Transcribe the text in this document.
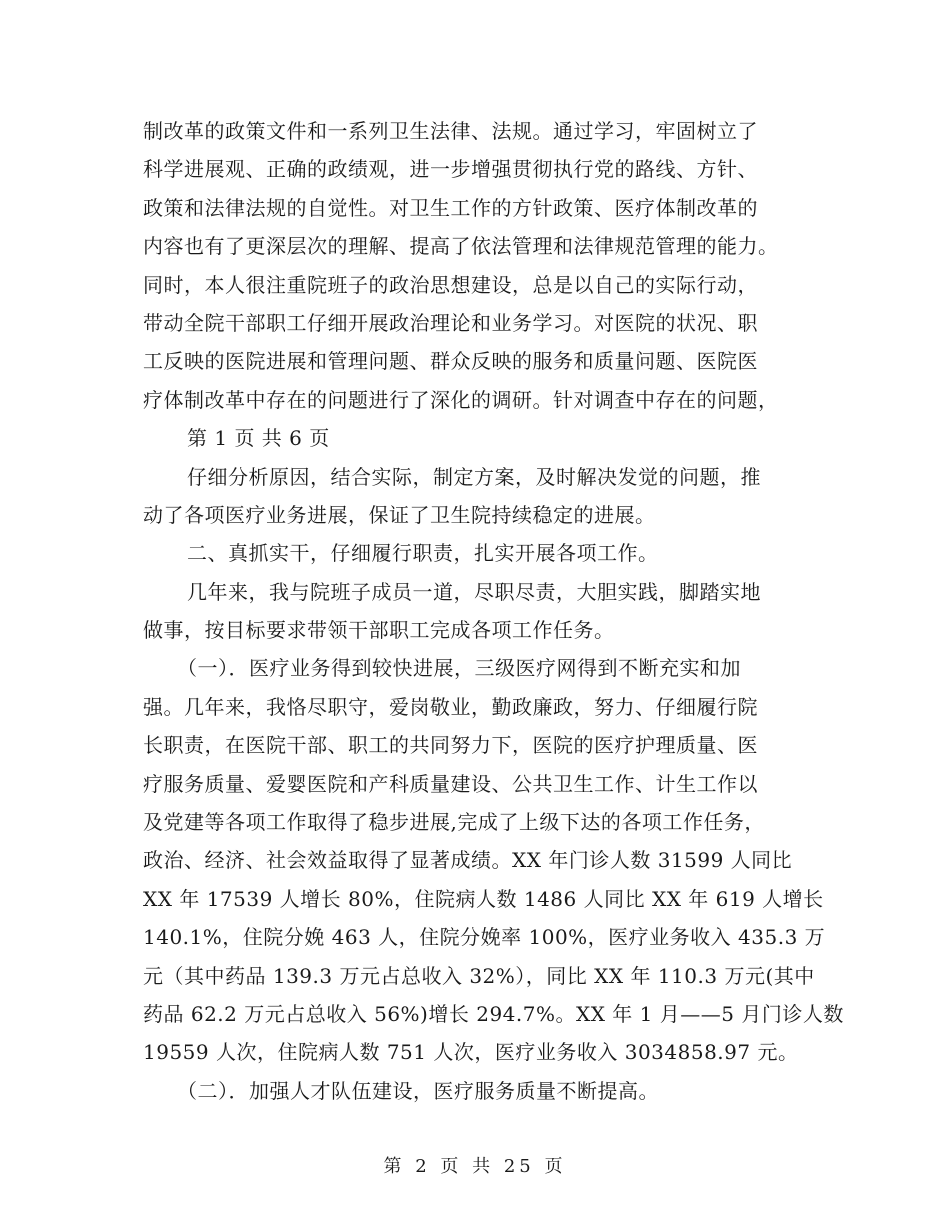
制改革的政策文件和一系列卫生法律、法规。通过学习，牢固树立了
科学进展观、正确的政绩观，进一步增强贯彻执行党的路线、方针、
政策和法律法规的自觉性。对卫生工作的方针政策、医疗体制改革的
内容也有了更深层次的理解、提高了依法管理和法律规范管理的能力。
同时，本人很注重院班子的政治思想建设，总是以自己的实际行动，
带动全院干部职工仔细开展政治理论和业务学习。对医院的状况、职
工反映的医院进展和管理问题、群众反映的服务和质量问题、医院医
疗体制改革中存在的问题进行了深化的调研。针对调查中存在的问题，
第 1 页 共 6 页
仔细分析原因，结合实际，制定方案，及时解决发觉的问题，推
动了各项医疗业务进展，保证了卫生院持续稳定的进展。
二、真抓实干，仔细履行职责，扎实开展各项工作。
几年来，我与院班子成员一道，尽职尽责，大胆实践，脚踏实地
做事，按目标要求带领干部职工完成各项工作任务。
（一）．医疗业务得到较快进展，三级医疗网得到不断充实和加
强。几年来，我恪尽职守，爱岗敬业，勤政廉政，努力、仔细履行院
长职责，在医院干部、职工的共同努力下，医院的医疗护理质量、医
疗服务质量、爱婴医院和产科质量建设、公共卫生工作、计生工作以
及党建等各项工作取得了稳步进展,完成了上级下达的各项工作任务，
政治、经济、社会效益取得了显著成绩。XX 年门诊人数 31599 人同比
XX 年 17539 人增长 80%，住院病人数 1486 人同比 XX 年 619 人增长
140.1%，住院分娩 463 人，住院分娩率 100%，医疗业务收入 435.3 万
元（其中药品 139.3 万元占总收入 32%），同比 XX 年 110.3 万元(其中
药品 62.2 万元占总收入 56%)增长 294.7%。XX 年 1 月——5 月门诊人数
19559 人次，住院病人数 751 人次，医疗业务收入 3034858.97 元。
（二）．加强人才队伍建设，医疗服务质量不断提高。
第 2 页 共 25 页
